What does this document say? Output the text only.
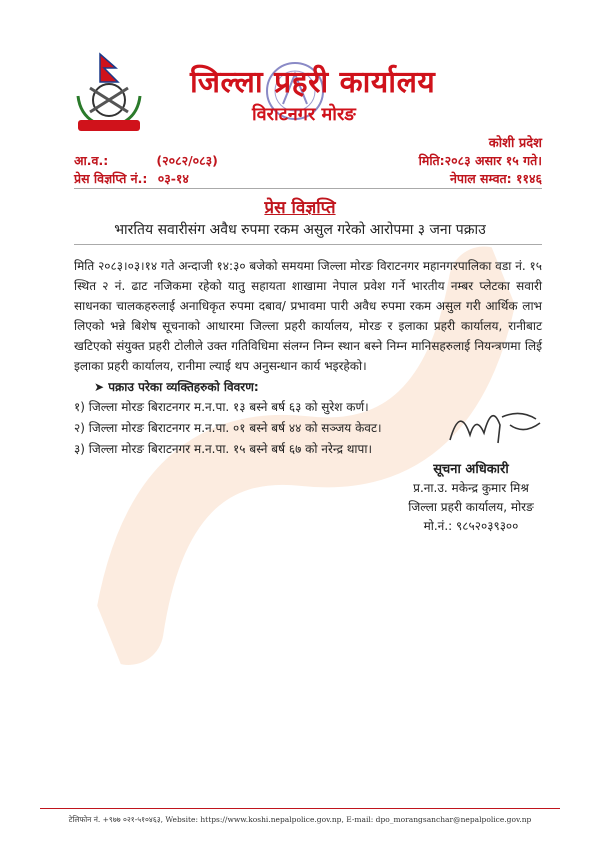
जिल्ला प्रहरी कार्यालय
विराटनगर मोरङ
कोशी प्रदेश
आ.व.:	(२०८२/०८३)	मिति:२०८३ असार १५ गते।
प्रेस विज्ञप्ति नं.: ०३-१४	नेपाल सम्वत: ११४६
प्रेस विज्ञप्ति
भारतिय सवारीसंग अवैध रुपमा रकम असुल गरेको आरोपमा ३ जना पक्राउ

मिति २०८३।०३।१४ गते अन्दाजी १४:३० बजेको समयमा जिल्ला मोरङ विराटनगर महानगरपालिका वडा नं. १५ स्थित २ नं. ढाट नजिकमा रहेको यातु सहायता शाखामा नेपाल प्रवेश गर्ने भारतीय नम्बर प्लेटका सवारी साधनका चालकहरुलाई अनाधिकृत रुपमा दबाव/ प्रभावमा पारी अवैध रुपमा रकम असुल गरी आर्थिक लाभ लिएको भन्ने बिशेष सूचनाको आधारमा जिल्ला प्रहरी कार्यालय, मोरङ र इलाका प्रहरी कार्यालय, रानीबाट खटिएको संयुक्त प्रहरी टोलीले उक्त गतिविधिमा संलग्न निम्न स्थान बस्ने निम्न मानिसहरुलाई नियन्त्रणमा लिई इलाका प्रहरी कार्यालय, रानीमा ल्याई थप अनुसन्धान कार्य भइरहेको।

➤ पक्राउ परेका व्यक्तिहरुको विवरण:
१) जिल्ला मोरङ बिराटनगर म.न.पा. १३ बस्ने बर्ष ६३ को सुरेश कर्ण।
२) जिल्ला मोरङ बिराटनगर म.न.पा. ०१ बस्ने बर्ष ४४ को सञ्जय केवट।
३) जिल्ला मोरङ बिराटनगर म.न.पा. १५ बस्ने बर्ष ६७ को नरेन्द्र थापा।
सूचना अधिकारी
प्र.ना.उ. मकेन्द्र कुमार मिश्र
जिल्ला प्रहरी कार्यालय, मोरङ
मो.नं.: ९८५२०३९३००
टेलिफोन नं. +९७७ ०२१-५१०४६३, Website: https://www.koshi.nepalpolice.gov.np, E-mail: dpo_morangsanchar@nepalpolice.gov.np
